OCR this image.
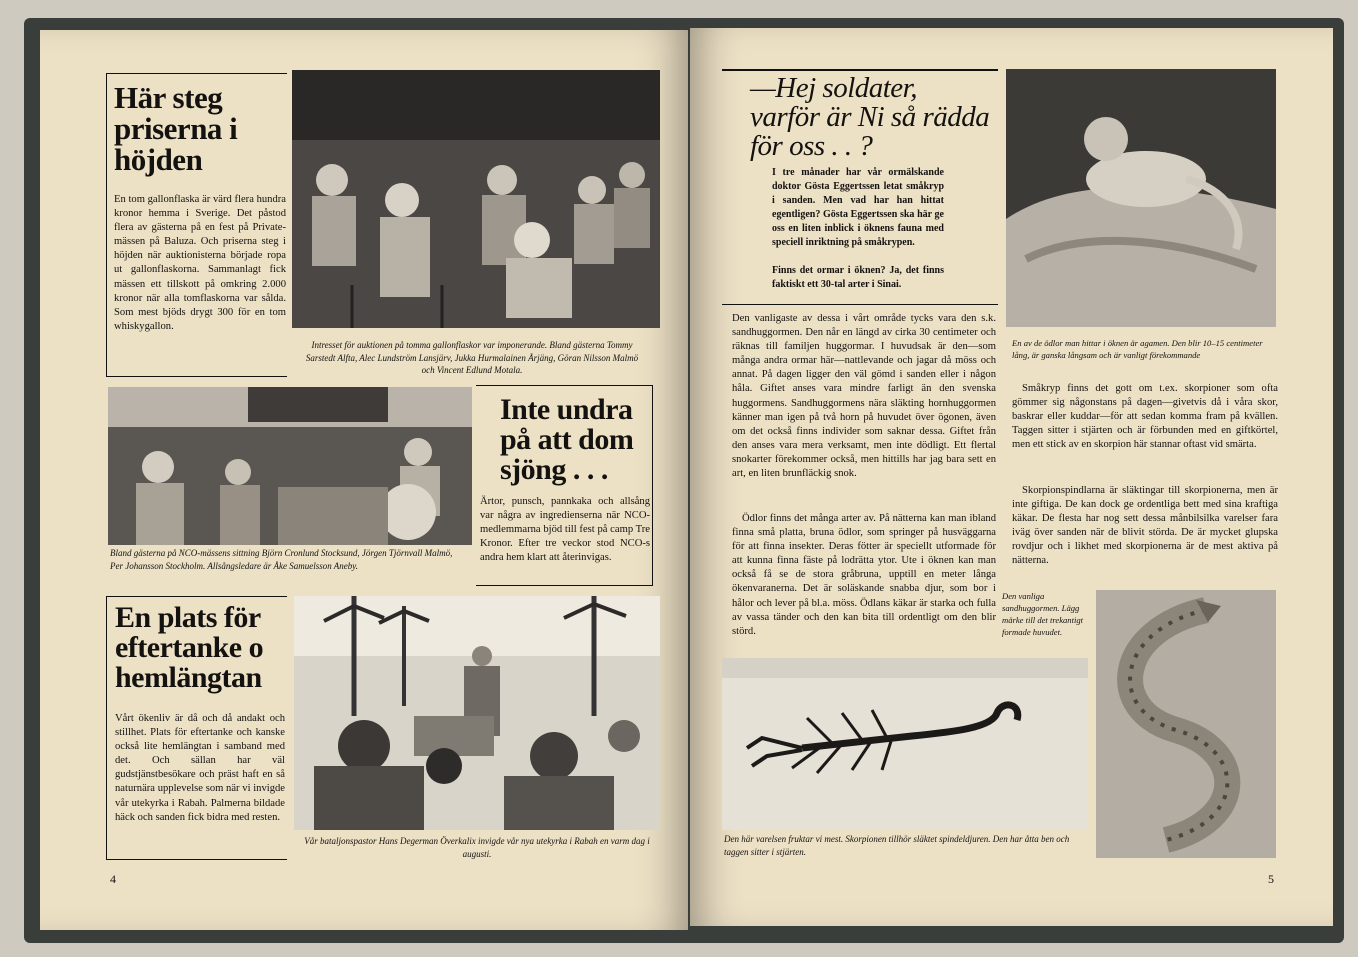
Här steg priserna i höjden

En tom gallonflaska är värd flera hundra kronor hemma i Sverige. Det påstod flera av gästerna på en fest på Private-mässen på Baluza. Och priserna steg i höjden när auktionisterna började ropa ut gallonflaskorna. Sammanlagt fick mässen ett tillskott på omkring 2.000 kronor när alla tomflaskorna var sålda. Som mest bjöds drygt 300 för en tom whiskygallon.

Intresset för auktionen på tomma gallonflaskor var imponerande. Bland gästerna Tommy Sarstedt Alfta, Alec Lundström Lansjärv, Jukka Hurmalainen Årjäng, Göran Nilsson Malmö och Vincent Edlund Motala.

Bland gästerna på NCO-mässens sittning Björn Cronlund Stocksund, Jörgen Tjörnvall Malmö, Per Johansson Stockholm. Allsångsledare är Åke Samuelsson Aneby.

Inte undra på att dom sjöng . . .

Ärtor, punsch, pannkaka och allsång var några av ingredienserna när NCO-medlemmarna bjöd till fest på camp Tre Kronor. Efter tre veckor stod NCO-s andra hem klart att återinvigas.

En plats för eftertanke o hemlängtan

Vårt ökenliv är då och då andakt och stillhet. Plats för eftertanke och kanske också lite hemlängtan i samband med det. Och sällan har väl gudstjänstbesökare och präst haft en så naturnära upplevelse som när vi invigde vår utekyrka i Rabah. Palmerna bildade häck och sanden fick bidra med resten.

Vår bataljonspastor Hans Degerman Överkalix invigde vår nya utekyrka i Rabah en varm dag i augusti.

4
—Hej soldater, varför är Ni så rädda för oss . . ?

I tre månader har vår ormälskande doktor Gösta Eggertssen letat småkryp i sanden. Men vad har han hittat egentligen? Gösta Eggertssen ska här ge oss en liten inblick i öknens fauna med speciell inriktning på småkrypen.

Finns det ormar i öknen? Ja, det finns faktiskt ett 30-tal arter i Sinai.

Den vanligaste av dessa i vårt område tycks vara den s.k. sandhuggormen. Den når en längd av cirka 30 centimeter och räknas till familjen huggormar. I huvudsak är den—som många andra ormar här—nattlevande och jagar då möss och annat. På dagen ligger den väl gömd i sanden eller i någon håla. Giftet anses vara mindre farligt än den svenska huggormens. Sandhuggormens nära släkting hornhuggormen känner man igen på två horn på huvudet över ögonen, även om det också finns individer som saknar dessa. Giftet från den anses vara mera verksamt, men inte dödligt. Ett flertal snokarter förekommer också, men hittills har jag bara sett en art, en liten brunfläckig snok.

Ödlor finns det många arter av. På nätterna kan man ibland finna små platta, bruna ödlor, som springer på husväggarna för att finna insekter. Deras fötter är speciellt utformade för att kunna finna fäste på lodrätta ytor. Ute i öknen kan man också få se de stora gråbruna, upptill en meter långa ökenvaranerna. Det är soläskande snabba djur, som bor i hålor och lever på bl.a. möss. Ödlans käkar är starka och fulla av vassa tänder och den kan bita till ordentligt om den blir störd.

En av de ödlor man hittar i öknen är agamen. Den blir 10–15 centimeter lång, är ganska långsam och är vanligt förekommande

Småkryp finns det gott om t.ex. skorpioner som ofta gömmer sig någonstans på dagen—givetvis då i våra skor, baskrar eller kuddar—för att sedan komma fram på kvällen. Taggen sitter i stjärten och är förbunden med en giftkörtel, men ett stick av en skorpion här stannar oftast vid smärta.

Skorpionspindlarna är släktingar till skorpionerna, men är inte giftiga. De kan dock ge ordentliga bett med sina kraftiga käkar. De flesta har nog sett dessa månbilsilka varelser fara iväg över sanden när de blivit störda. De är mycket glupska rovdjur och i likhet med skorpionerna är de mest aktiva på nätterna.

Den vanliga sandhuggormen. Lägg märke till det trekantigt formade huvudet.

Den här varelsen fruktar vi mest. Skorpionen tillhör släktet spindeldjuren. Den har åtta ben och taggen sitter i stjärten.

5
